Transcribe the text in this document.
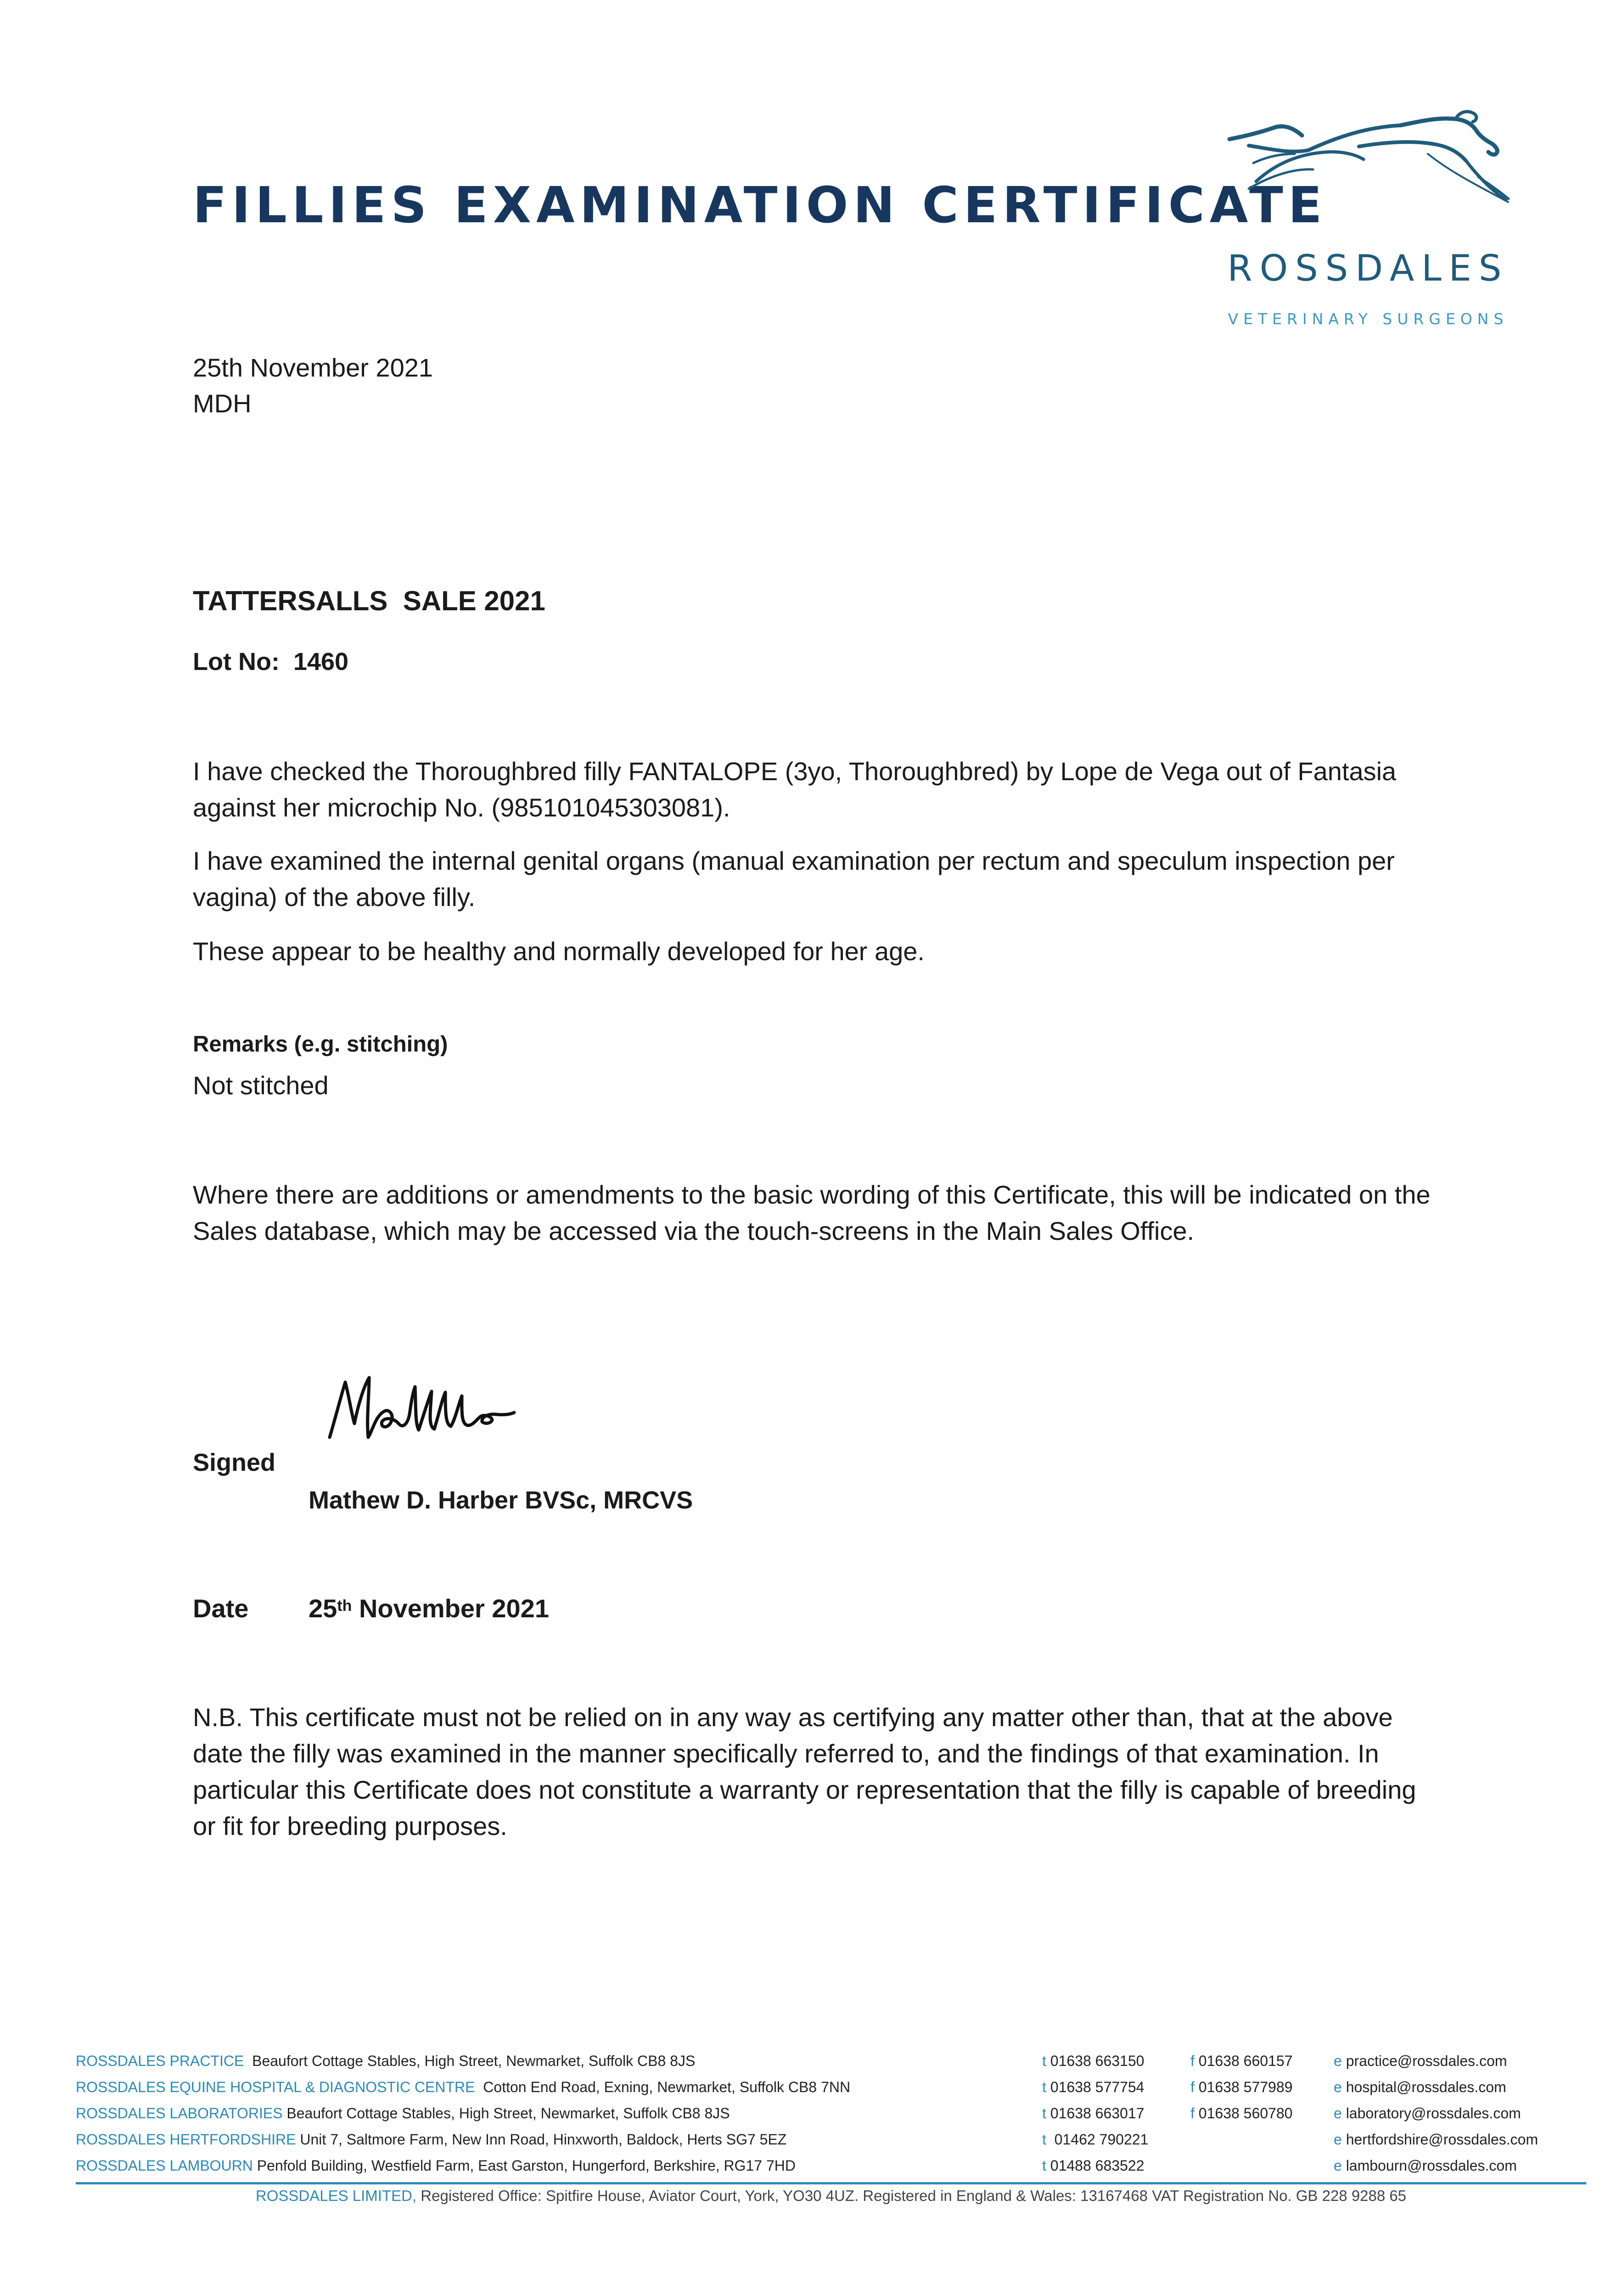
FILLIES EXAMINATION CERTIFICATE
ROSSDALES
VETERINARY SURGEONS
25th November 2021
MDH
TATTERSALLS  SALE 2021
Lot No: 1460
I have checked the Thoroughbred filly FANTALOPE (3yo, Thoroughbred) by Lope de Vega out of Fantasia against her microchip No. (985101045303081).
I have examined the internal genital organs (manual examination per rectum and speculum inspection per vagina) of the above filly.
These appear to be healthy and normally developed for her age.
Remarks (e.g. stitching)
Not stitched
Where there are additions or amendments to the basic wording of this Certificate, this will be indicated on the Sales database, which may be accessed via the touch-screens in the Main Sales Office.
Signed
Mathew D. Harber BVSc, MRCVS
Date 25th November 2021
N.B. This certificate must not be relied on in any way as certifying any matter other than, that at the above date the filly was examined in the manner specifically referred to, and the findings of that examination. In particular this Certificate does not constitute a warranty or representation that the filly is capable of breeding or fit for breeding purposes.
ROSSDALES PRACTICE Beaufort Cottage Stables, High Street, Newmarket, Suffolk CB8 8JS	t 01638 663150	f 01638 660157	e practice@rossdales.com
ROSSDALES EQUINE HOSPITAL & DIAGNOSTIC CENTRE Cotton End Road, Exning, Newmarket, Suffolk CB8 7NN	t 01638 577754	f 01638 577989	e hospital@rossdales.com
ROSSDALES LABORATORIES Beaufort Cottage Stables, High Street, Newmarket, Suffolk CB8 8JS	t 01638 663017	f 01638 560780	e laboratory@rossdales.com
ROSSDALES HERTFORDSHIRE Unit 7, Saltmore Farm, New Inn Road, Hinxworth, Baldock, Herts SG7 5EZ	t  01462 790221	e hertfordshire@rossdales.com
ROSSDALES LAMBOURN Penfold Building, Westfield Farm, East Garston, Hungerford, Berkshire, RG17 7HD	t 01488 683522	e lambourn@rossdales.com
ROSSDALES LIMITED, Registered Office: Spitfire House, Aviator Court, York, YO30 4UZ. Registered in England & Wales: 13167468 VAT Registration No. GB 228 9288 65
